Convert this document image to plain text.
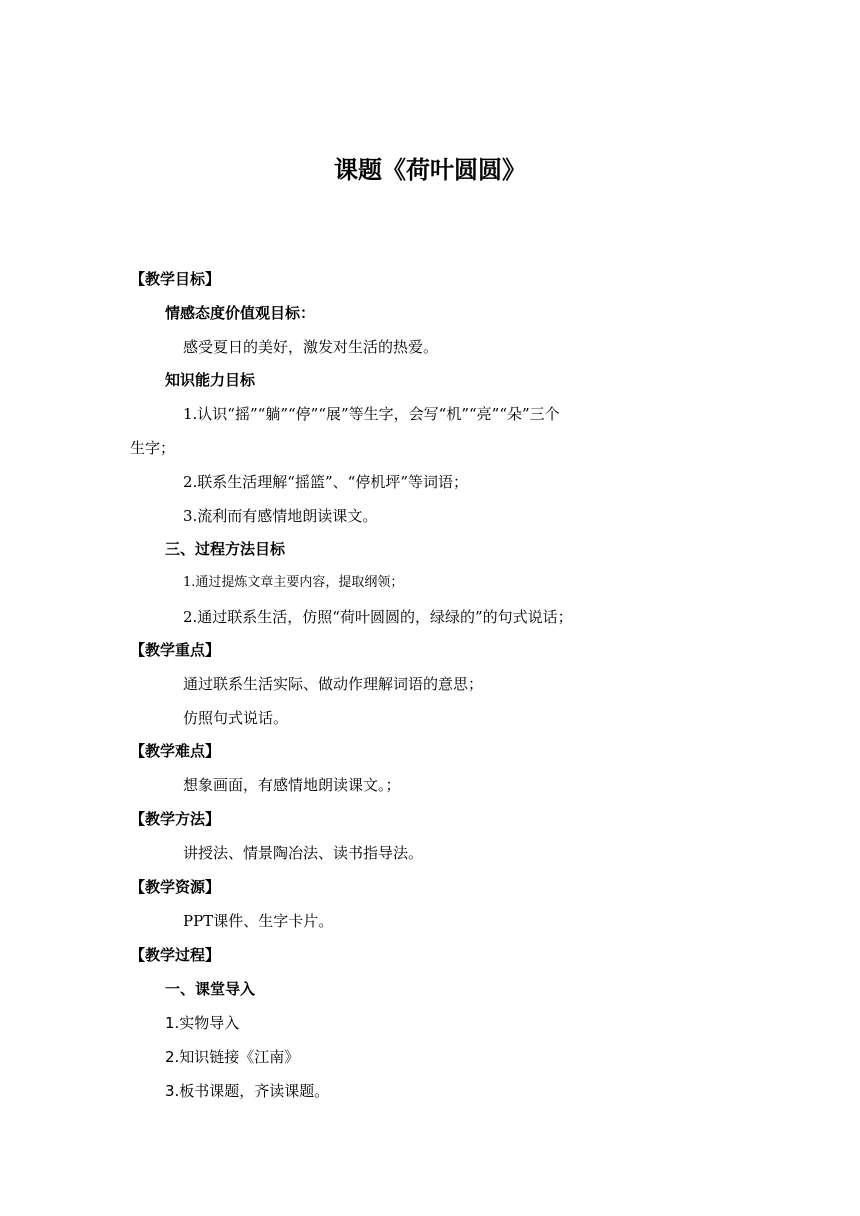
课题《荷叶圆圆》
【教学目标】
情感态度价值观目标：
感受夏日的美好，激发对生活的热爱。
知识能力目标
1.认识“摇”“躺”“停”“展”等生字，会写“机”“亮”“朵”三个
生字；
2.联系生活理解“摇篮”、“停机坪”等词语；
3.流利而有感情地朗读课文。
三、过程方法目标
1.通过提炼文章主要内容，提取纲领；
2.通过联系生活，仿照“荷叶圆圆的，绿绿的”的句式说话；
【教学重点】
通过联系生活实际、做动作理解词语的意思；
仿照句式说话。
【教学难点】
想象画面，有感情地朗读课文。；
【教学方法】
讲授法、情景陶冶法、读书指导法。
【教学资源】
PPT课件、生字卡片。
【教学过程】
一、课堂导入
1.实物导入
2.知识链接《江南》
3.板书课题，齐读课题。
